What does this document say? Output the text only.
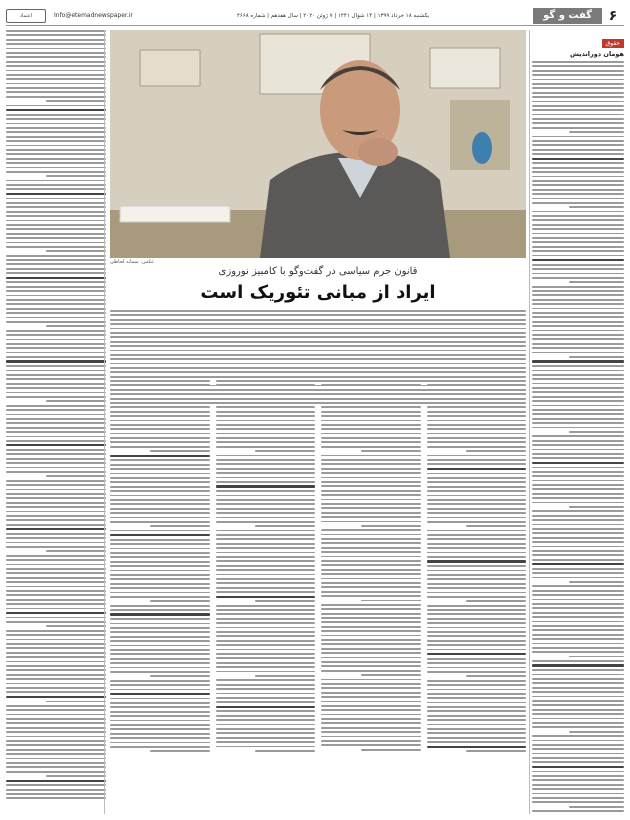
۶
گفت و گو
یکشنبه ۱۸ خرداد ۱۳۹۹ | ۱۴ شوال ۱۴۴۱ | ۷ ژوئن ۲۰۲۰ | سال هفدهم | شماره ۴۶۶۸
Info@etemadnewspaper.ir
اعتماد
حقوق
هومان دورانديش
عکس: سمانه لحاظی
قانون جرم سیاسی در گفت‌وگو با کامبیز نوروزی
ایراد از مبانی تئوریک است
